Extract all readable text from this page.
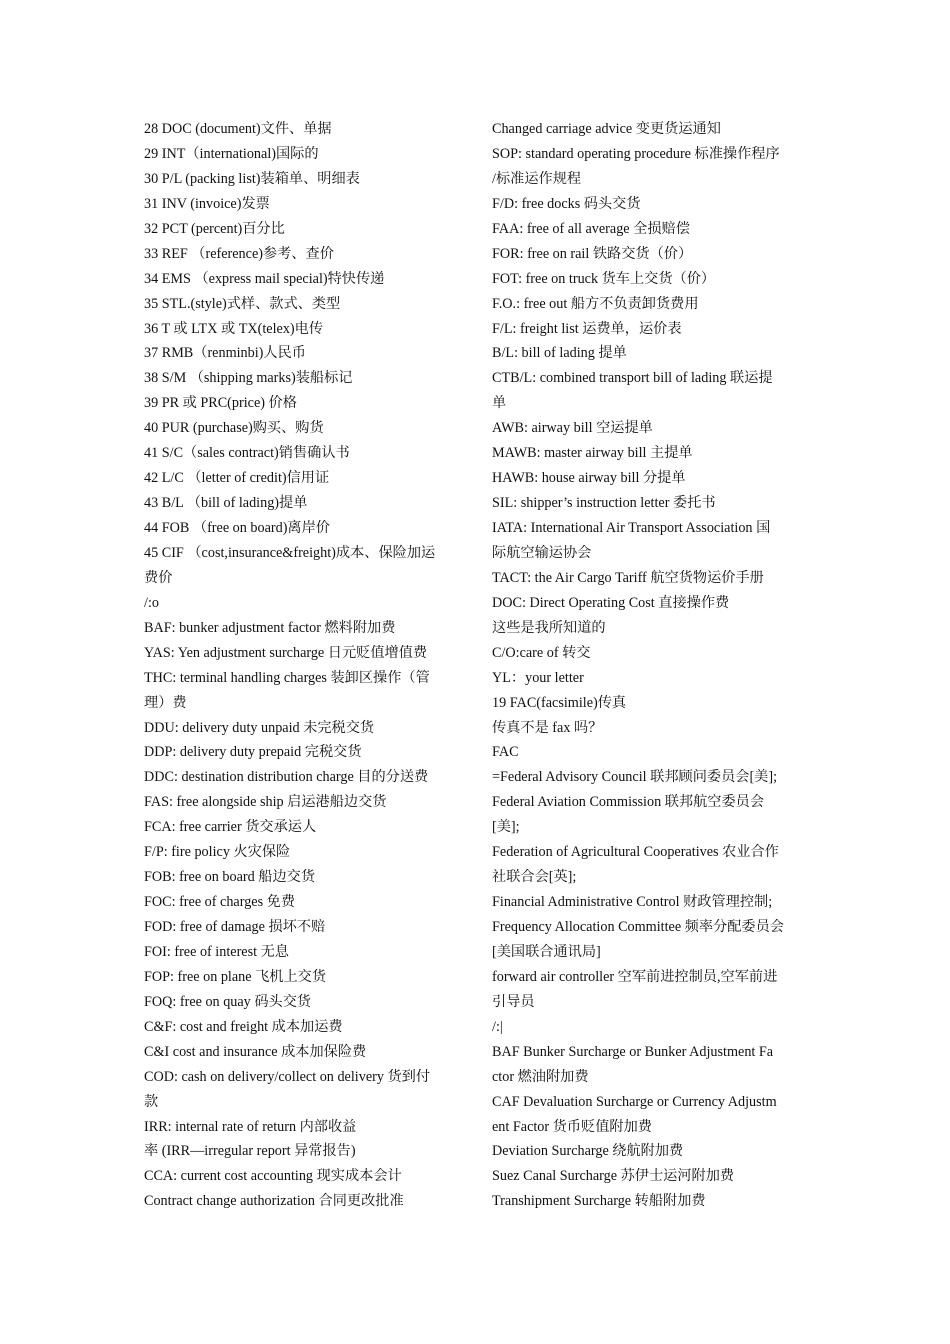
28 DOC (document)文件、单据
29 INT（international)国际的
30 P/L (packing list)装箱单、明细表
31 INV (invoice)发票
32 PCT (percent)百分比
33 REF （reference)参考、查价
34 EMS （express mail special)特快传递
35 STL.(style)式样、款式、类型
36 T 或 LTX 或 TX(telex)电传
37 RMB（renminbi)人民币
38 S/M （shipping marks)装船标记
39 PR 或 PRC(price) 价格
40 PUR (purchase)购买、购货
41 S/C（sales contract)销售确认书
42 L/C （letter of credit)信用证
43 B/L （bill of lading)提单
44 FOB （free on board)离岸价
45 CIF （cost,insurance&freight)成本、保险加运
费价
/:o
BAF: bunker adjustment factor 燃料附加费
YAS: Yen adjustment surcharge 日元贬值增值费
THC: terminal handling charges 装卸区操作（管
理）费
DDU: delivery duty unpaid 未完税交货
DDP: delivery duty prepaid 完税交货
DDC: destination distribution charge 目的分送费
FAS: free alongside ship 启运港船边交货
FCA: free carrier 货交承运人
F/P: fire policy 火灾保险
FOB: free on board 船边交货
FOC: free of charges 免费
FOD: free of damage 损坏不赔
FOI: free of interest 无息
FOP: free on plane 飞机上交货
FOQ: free on quay 码头交货
C&F: cost and freight 成本加运费
C&I cost and insurance 成本加保险费
COD: cash on delivery/collect on delivery 货到付
款
IRR: internal rate of return 内部收益
率 (IRR—irregular report 异常报告)
CCA: current cost accounting 现实成本会计
Contract change authorization 合同更改批准
Changed carriage advice 变更货运通知
SOP: standard operating procedure 标准操作程序
/标准运作规程
F/D: free docks 码头交货
FAA: free of all average 全损赔偿
FOR: free on rail 铁路交货（价）
FOT: free on truck 货车上交货（价）
F.O.: free out 船方不负责卸货费用
F/L: freight list 运费单，运价表
B/L: bill of lading 提单
CTB/L: combined transport bill of lading 联运提
单
AWB: airway bill 空运提单
MAWB: master airway bill 主提单
HAWB: house airway bill 分提单
SIL: shipper’s instruction letter 委托书
IATA: International Air Transport Association 国
际航空输运协会
TACT: the Air Cargo Tariff 航空货物运价手册
DOC: Direct Operating Cost 直接操作费
这些是我所知道的
C/O:care of 转交
YL：your letter
19 FAC(facsimile)传真
传真不是 fax 吗？
FAC
=Federal Advisory Council 联邦顾问委员会[美];
Federal Aviation Commission 联邦航空委员会
[美];
Federation of Agricultural Cooperatives 农业合作
社联合会[英];
Financial Administrative Control 财政管理控制;
Frequency Allocation Committee 频率分配委员会
[美国联合通讯局]
forward air controller 空军前进控制员,空军前进
引导员
/:|
BAF Bunker Surcharge or Bunker Adjustment Fa
ctor 燃油附加费
CAF Devaluation Surcharge or Currency Adjustm
ent Factor 货币贬值附加费
Deviation Surcharge 绕航附加费
Suez Canal Surcharge 苏伊士运河附加费
Transhipment Surcharge 转船附加费
